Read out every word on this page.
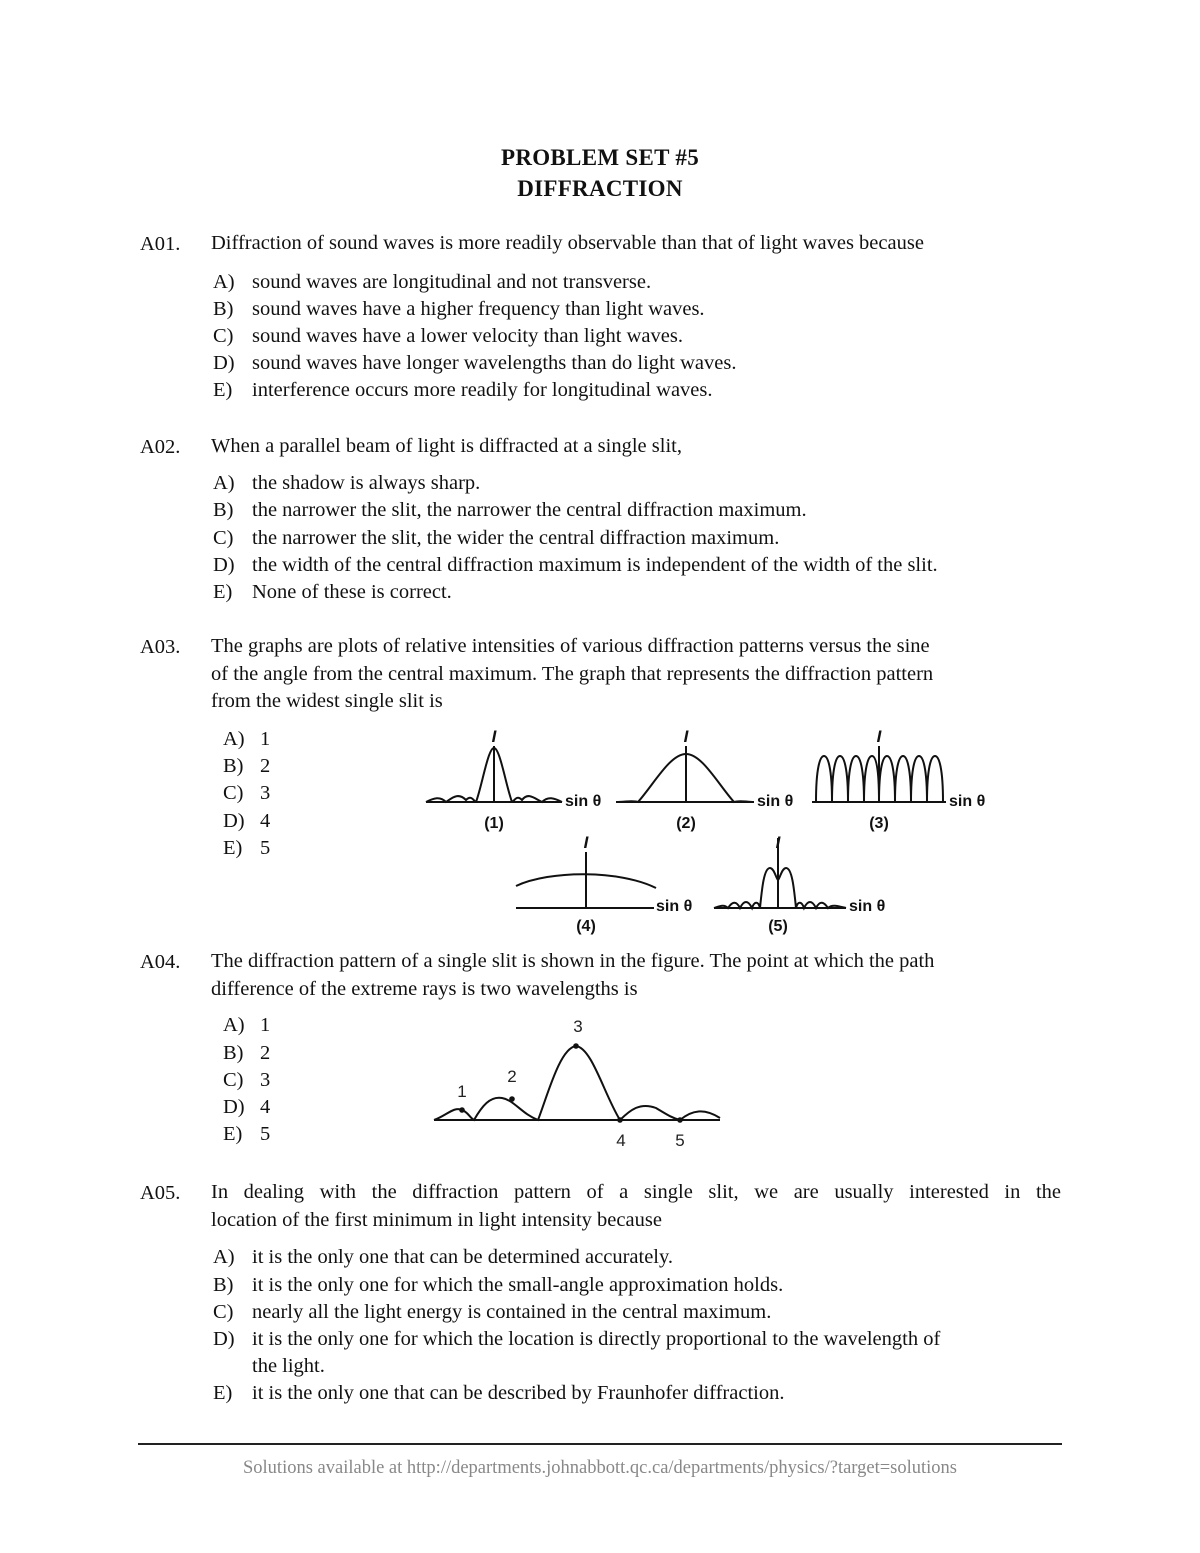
PROBLEM SET #5
DIFFRACTION
A01. Diffraction of sound waves is more readily observable than that of light waves because
A) sound waves are longitudinal and not transverse.
B) sound waves have a higher frequency than light waves.
C) sound waves have a lower velocity than light waves.
D) sound waves have longer wavelengths than do light waves.
E) interference occurs more readily for longitudinal waves.
A02. When a parallel beam of light is diffracted at a single slit,
A) the shadow is always sharp.
B) the narrower the slit, the narrower the central diffraction maximum.
C) the narrower the slit, the wider the central diffraction maximum.
D) the width of the central diffraction maximum is independent of the width of the slit.
E) None of these is correct.
A03. The graphs are plots of relative intensities of various diffraction patterns versus the sine
of the angle from the central maximum. The graph that represents the diffraction pattern
from the widest single slit is
A) 1
B) 2
C) 3
D) 4
E) 5
I	I	I
I	I
sin θ	sin θ	sin θ
sin θ	sin θ
(1)	(2)	(3)
(4)	(5)
A04. The diffraction pattern of a single slit is shown in the figure. The point at which the path
difference of the extreme rays is two wavelengths is
A) 1
B) 2
C) 3
D) 4
E) 5
1
2
3
4	5
A05. In dealing with the diffraction pattern of a single slit, we are usually interested in the
location of the first minimum in light intensity because
A) it is the only one that can be determined accurately.
B) it is the only one for which the small-angle approximation holds.
C) nearly all the light energy is contained in the central maximum.
D) it is the only one for which the location is directly proportional to the wavelength of
the light.
E) it is the only one that can be described by Fraunhofer diffraction.
Solutions available at http://departments.johnabbott.qc.ca/departments/physics/?target=solutions
